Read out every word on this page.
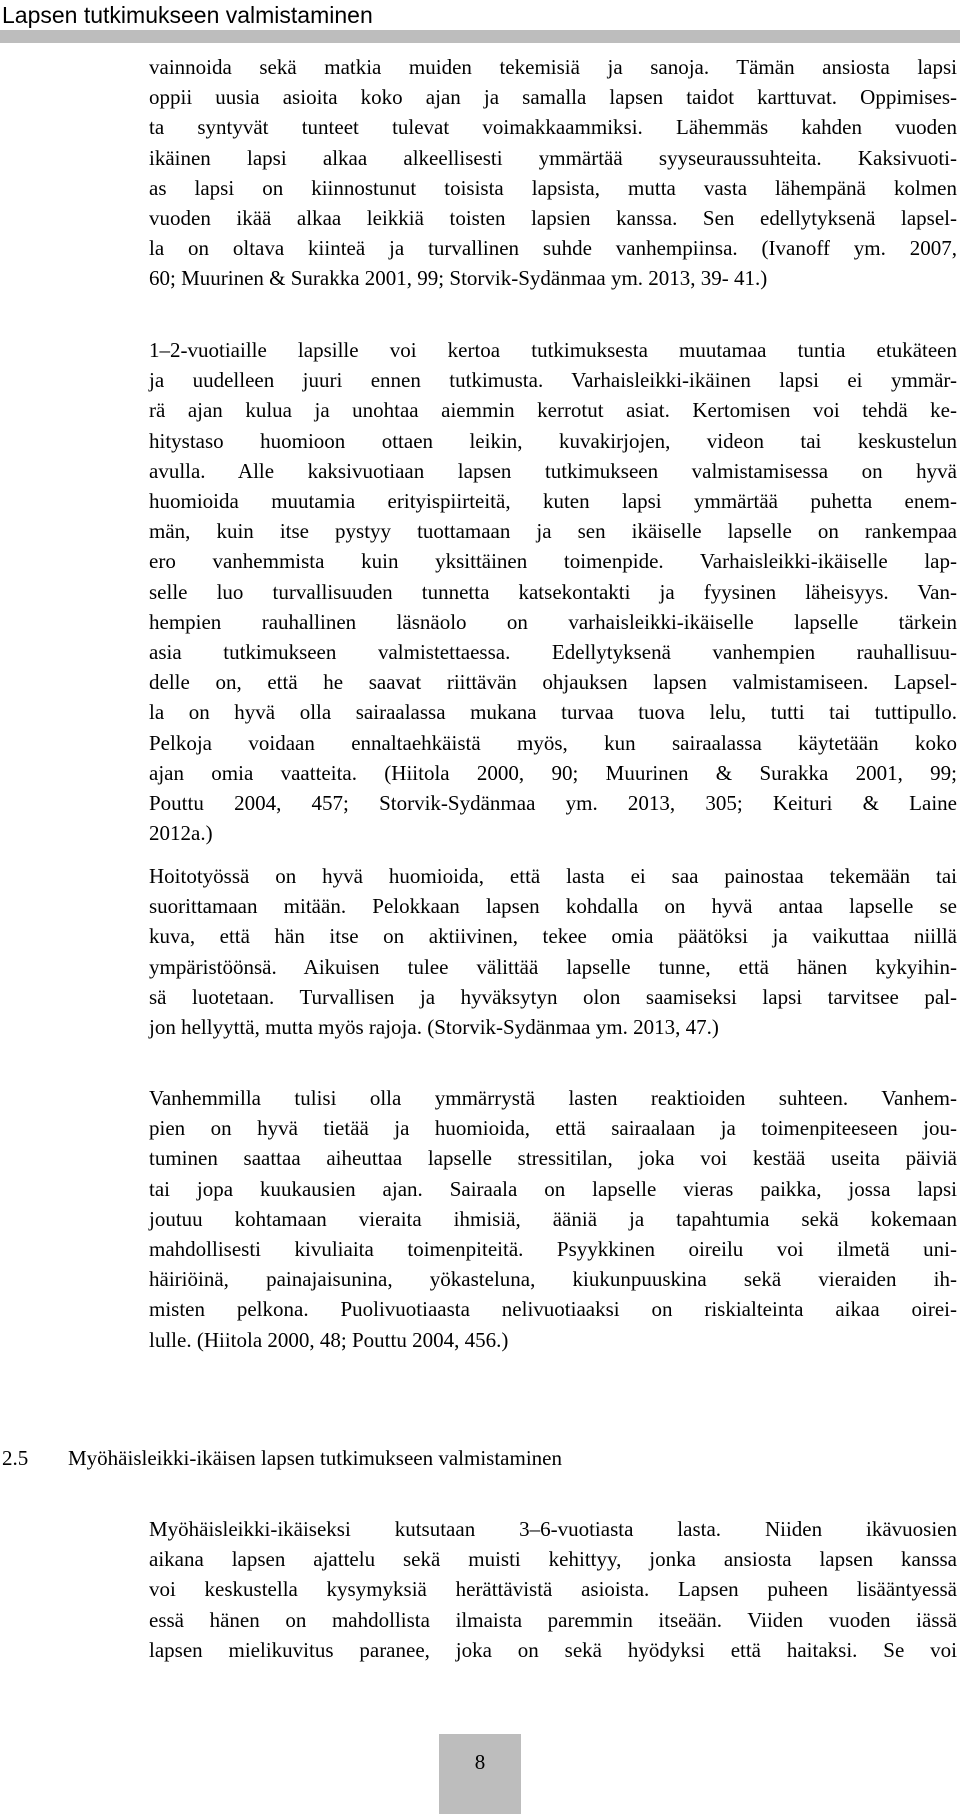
Lapsen tutkimukseen valmistaminen

vainnoida sekä matkia muiden tekemisiä ja sanoja. Tämän ansiosta lapsi
oppii uusia asioita koko ajan ja samalla lapsen taidot karttuvat. Oppimises-
ta syntyvät tunteet tulevat voimakkaammiksi. Lähemmäs kahden vuoden
ikäinen lapsi alkaa alkeellisesti ymmärtää syyseuraussuhteita. Kaksivuoti-
as lapsi on kiinnostunut toisista lapsista, mutta vasta lähempänä kolmen
vuoden ikää alkaa leikkiä toisten lapsien kanssa. Sen edellytyksenä lapsel-
la on oltava kiinteä ja turvallinen suhde vanhempiinsa. (Ivanoff ym. 2007,
60; Muurinen & Surakka 2001, 99; Storvik-Sydänmaa ym. 2013, 39- 41.)

1–2-vuotiaille lapsille voi kertoa tutkimuksesta muutamaa tuntia etukäteen
ja uudelleen juuri ennen tutkimusta. Varhaisleikki-ikäinen lapsi ei ymmär-
rä ajan kulua ja unohtaa aiemmin kerrotut asiat. Kertomisen voi tehdä ke-
hitystaso huomioon ottaen leikin, kuvakirjojen, videon tai keskustelun
avulla. Alle kaksivuotiaan lapsen tutkimukseen valmistamisessa on hyvä
huomioida muutamia erityispiirteitä, kuten lapsi ymmärtää puhetta enem-
män, kuin itse pystyy tuottamaan ja sen ikäiselle lapselle on rankempaa
ero vanhemmista kuin yksittäinen toimenpide. Varhaisleikki-ikäiselle lap-
selle luo turvallisuuden tunnetta katsekontakti ja fyysinen läheisyys. Van-
hempien rauhallinen läsnäolo on varhaisleikki-ikäiselle lapselle tärkein
asia tutkimukseen valmistettaessa. Edellytyksenä vanhempien rauhallisuu-
delle on, että he saavat riittävän ohjauksen lapsen valmistamiseen. Lapsel-
la on hyvä olla sairaalassa mukana turvaa tuova lelu, tutti tai tuttipullo.
Pelkoja voidaan ennaltaehkäistä myös, kun sairaalassa käytetään koko
ajan omia vaatteita. (Hiitola 2000, 90; Muurinen & Surakka 2001, 99;
Pouttu 2004, 457; Storvik-Sydänmaa ym. 2013, 305; Keituri & Laine
2012a.)

Hoitotyössä on hyvä huomioida, että lasta ei saa painostaa tekemään tai
suorittamaan mitään. Pelokkaan lapsen kohdalla on hyvä antaa lapselle se
kuva, että hän itse on aktiivinen, tekee omia päätöksi ja vaikuttaa niillä
ympäristöönsä. Aikuisen tulee välittää lapselle tunne, että hänen kykyihin-
sä luotetaan. Turvallisen ja hyväksytyn olon saamiseksi lapsi tarvitsee pal-
jon hellyyttä, mutta myös rajoja. (Storvik-Sydänmaa ym. 2013, 47.)

Vanhemmilla tulisi olla ymmärrystä lasten reaktioiden suhteen. Vanhem-
pien on hyvä tietää ja huomioida, että sairaalaan ja toimenpiteeseen jou-
tuminen saattaa aiheuttaa lapselle stressitilan, joka voi kestää useita päiviä
tai jopa kuukausien ajan. Sairaala on lapselle vieras paikka, jossa lapsi
joutuu kohtamaan vieraita ihmisiä, ääniä ja tapahtumia sekä kokemaan
mahdollisesti kivuliaita toimenpiteitä. Psyykkinen oireilu voi ilmetä uni-
häiriöinä, painajaisunina, yökasteluna, kiukunpuuskina sekä vieraiden ih-
misten pelkona. Puolivuotiaasta nelivuotiaaksi on riskialteinta aikaa oirei-
lulle. (Hiitola 2000, 48; Pouttu 2004, 456.)

2.5 Myöhäisleikki-ikäisen lapsen tutkimukseen valmistaminen

Myöhäisleikki-ikäiseksi kutsutaan 3–6-vuotiasta lasta. Niiden ikävuosien
aikana lapsen ajattelu sekä muisti kehittyy, jonka ansiosta lapsen kanssa
voi keskustella kysymyksiä herättävistä asioista. Lapsen puheen lisääntyessä
essä hänen on mahdollista ilmaista paremmin itseään. Viiden vuoden iässä
lapsen mielikuvitus paranee, joka on sekä hyödyksi että haitaksi. Se voi

8
